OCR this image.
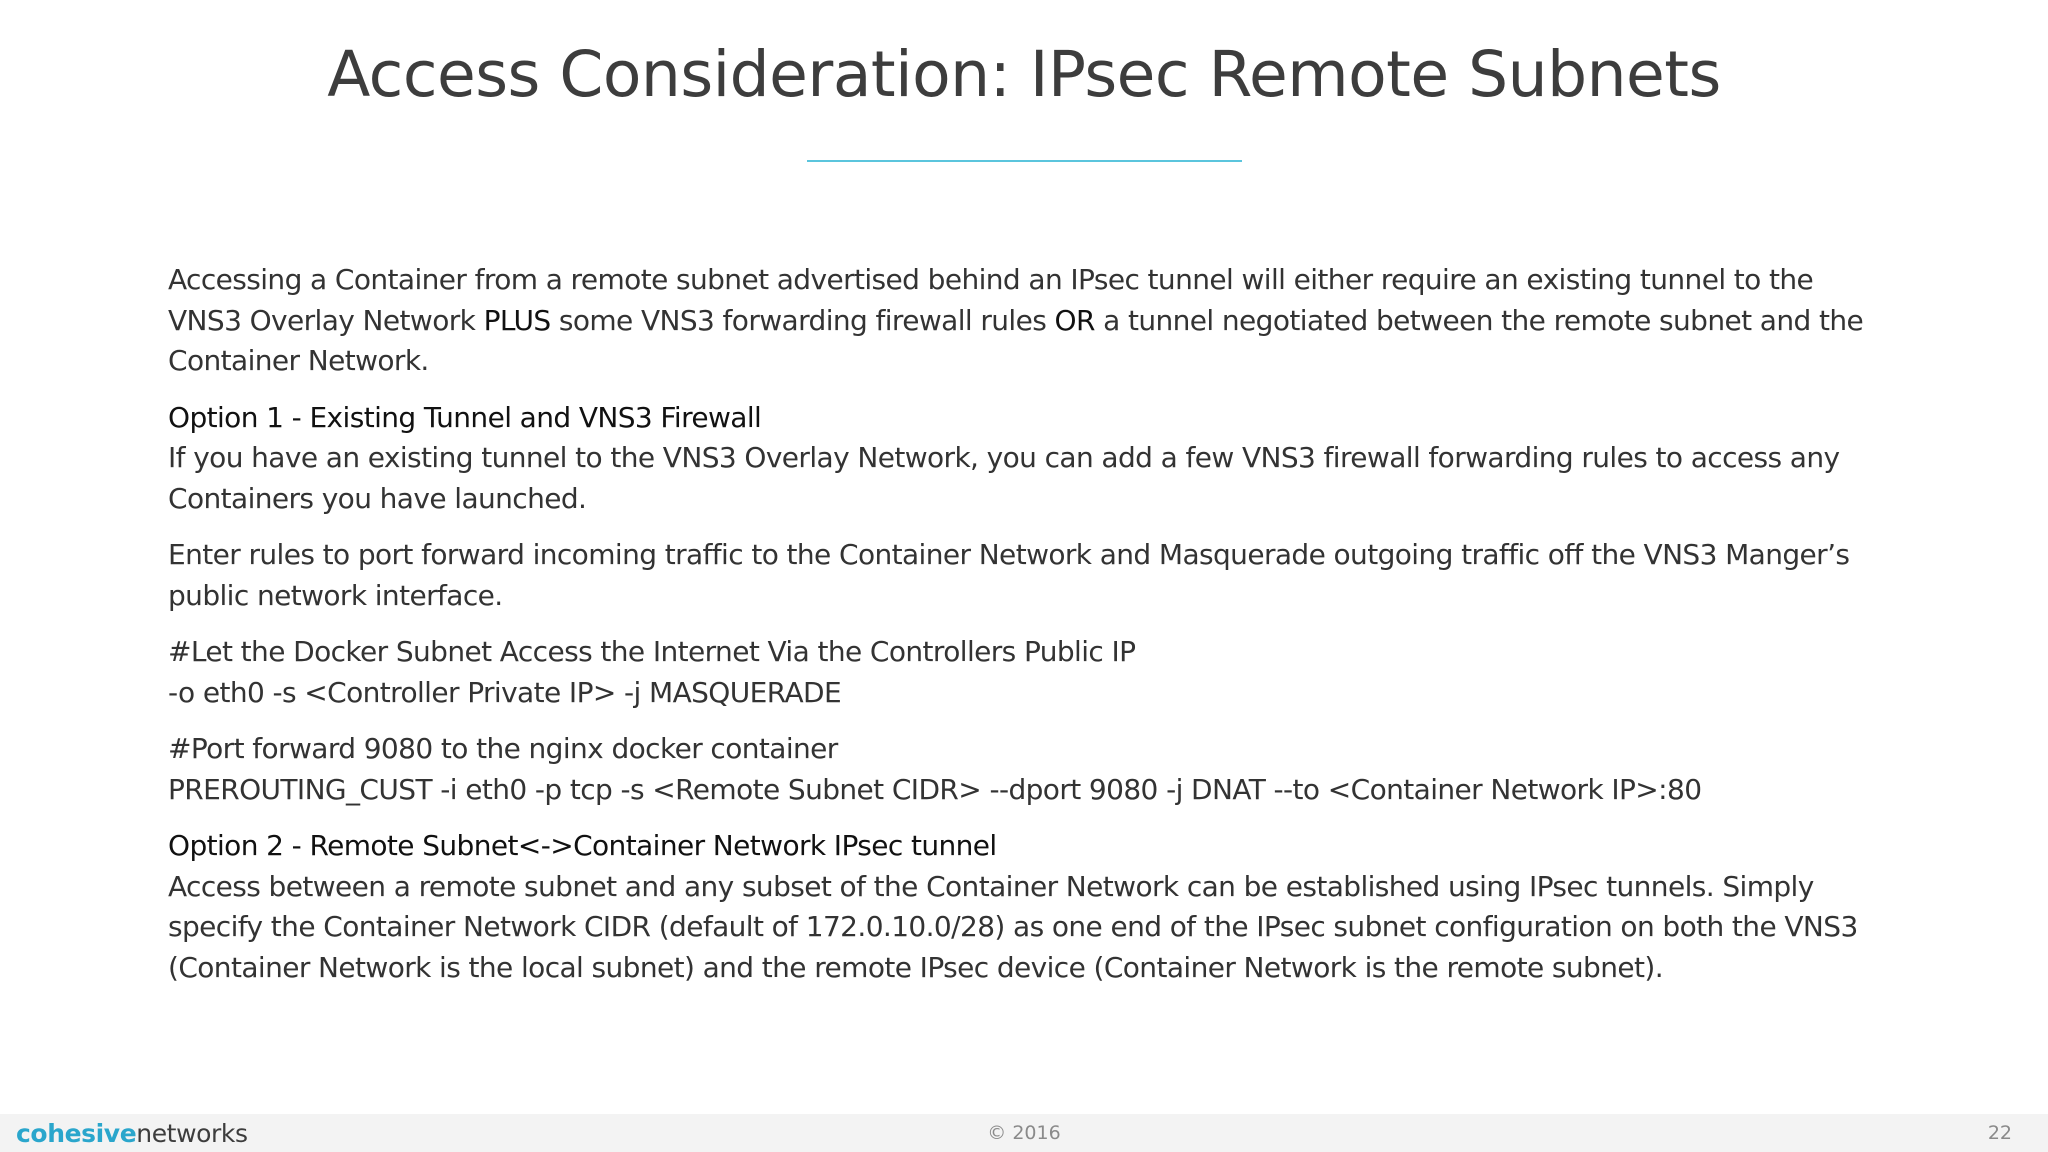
Access Consideration: IPsec Remote Subnets

Accessing a Container from a remote subnet advertised behind an IPsec tunnel will either require an existing tunnel to the
VNS3 Overlay Network PLUS some VNS3 forwarding firewall rules OR a tunnel negotiated between the remote subnet and the
Container Network.

Option 1 - Existing Tunnel and VNS3 Firewall
If you have an existing tunnel to the VNS3 Overlay Network, you can add a few VNS3 firewall forwarding rules to access any
Containers you have launched.

Enter rules to port forward incoming traffic to the Container Network and Masquerade outgoing traffic off the VNS3 Manger’s
public network interface.

#Let the Docker Subnet Access the Internet Via the Controllers Public IP
-o eth0 -s <Controller Private IP> -j MASQUERADE

#Port forward 9080 to the nginx docker container
PREROUTING_CUST -i eth0 -p tcp -s <Remote Subnet CIDR> --dport 9080 -j DNAT --to <Container Network IP>:80

Option 2 - Remote Subnet<->Container Network IPsec tunnel
Access between a remote subnet and any subset of the Container Network can be established using IPsec tunnels. Simply
specify the Container Network CIDR (default of 172.0.10.0/28) as one end of the IPsec subnet configuration on both the VNS3
(Container Network is the local subnet) and the remote IPsec device (Container Network is the remote subnet).

cohesivenetworks	© 2016	22
